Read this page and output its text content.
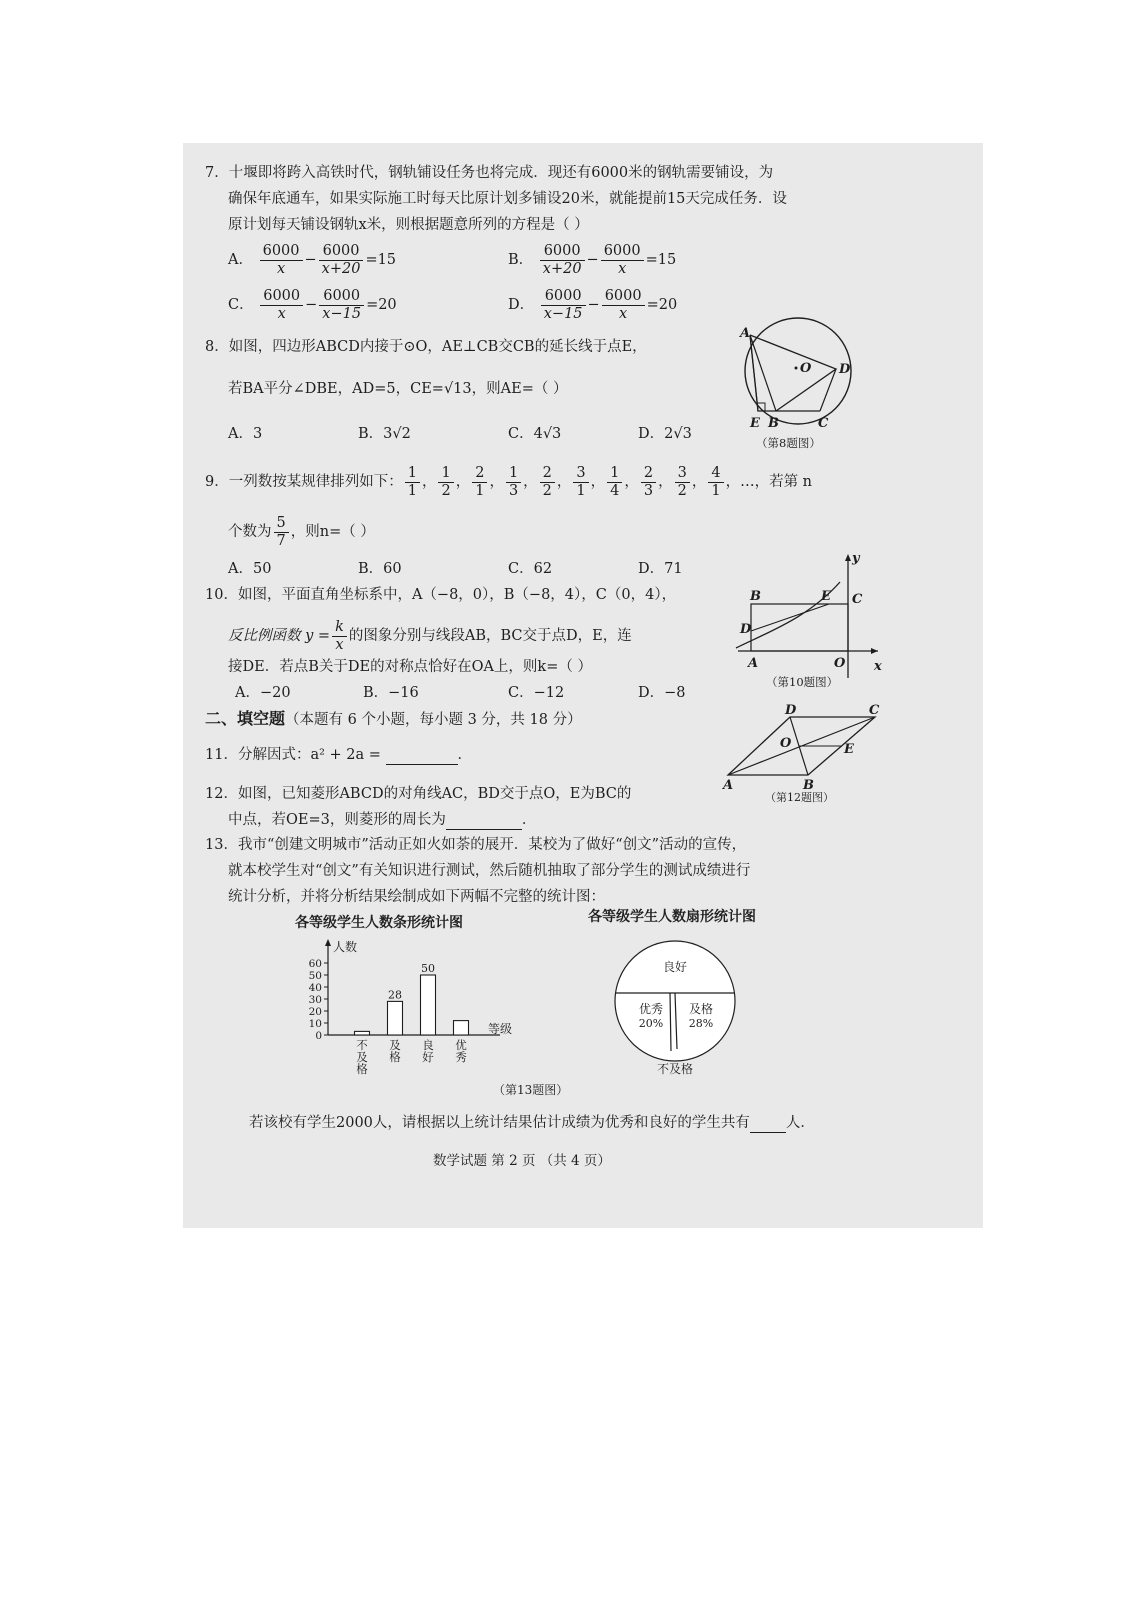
7．十堰即将跨入高铁时代，钢轨铺设任务也将完成．现还有6000米的钢轨需要铺设，为
确保年底通车，如果实际施工时每天比原计划多铺设20米，就能提前15天完成任务．设
原计划每天铺设钢轨x米，则根据题意所列的方程是（ ）
A． $\frac{6000}{x} - \frac{6000}{x+20} =15$	B． $\frac{6000}{x+20} - \frac{6000}{x} =15$
C． $\frac{6000}{x} - \frac{6000}{x-15} =20$	D． $\frac{6000}{x-15} - \frac{6000}{x} =20$
8．如图，四边形ABCD内接于⊙O，AE⊥CB交CB的延长线于点E，
若BA平分∠DBE，AD=5，CE=√13，则AE=（ ）
A．3	B．3√2	C．4√3	D．2√3
A
O D
E B	C
（第8题图）
9．一列数按某规律排列如下： $\frac{1}{1}$ ， $\frac{1}{2}$ ， $\frac{2}{1}$ ， $\frac{1}{3}$ ， $\frac{2}{2}$ ， $\frac{3}{1}$ ， $\frac{1}{4}$ ， $\frac{2}{3}$ ， $\frac{3}{2}$ ， $\frac{4}{1}$ ，…，若第 n
个数为 $\frac{5}{7}$ ，则n=（ ）
A．50	B．60	C．62	D．71
10．如图，平面直角坐标系中，A（−8，0），B（−8，4），C（0，4），
反比例函数 $y = \frac{k}{x}$ 的图象分别与线段AB，BC交于点D，E，连
接DE．若点B关于DE的对称点恰好在OA上，则k=（ ）
A．−20	B．−16	C．−12	D．−8
y
x
B	E C
D
A	O
（第10题图）
二、填空题（本题有 6 个小题，每小题 3 分，共 18 分）
11．分解因式：a² + 2a =	．
12．如图，已知菱形ABCD的对角线AC，BD交于点O，E为BC的
中点，若OE=3，则菱形的周长为	．
D	C
O	E
A	B
（第12题图）
13．我市“创建文明城市”活动正如火如荼的展开．某校为了做好“创文”活动的宣传，
就本校学生对“创文”有关知识进行测试，然后随机抽取了部分学生的测试成绩进行
统计分析，并将分析结果绘制成如下两幅不完整的统计图：
各等级学生人数条形统计图
人数
等级
0
10
20
30
40
50
60
不
及
格
28
及
格
50
良
好
优
秀
各等级学生人数扇形统计图
良好
优秀
20%
及格
28%
不及格
（第13题图）
若该校有学生2000人，请根据以上统计结果估计成绩为优秀和良好的学生共有 人．
数学试题 第 2 页 （共 4 页）
